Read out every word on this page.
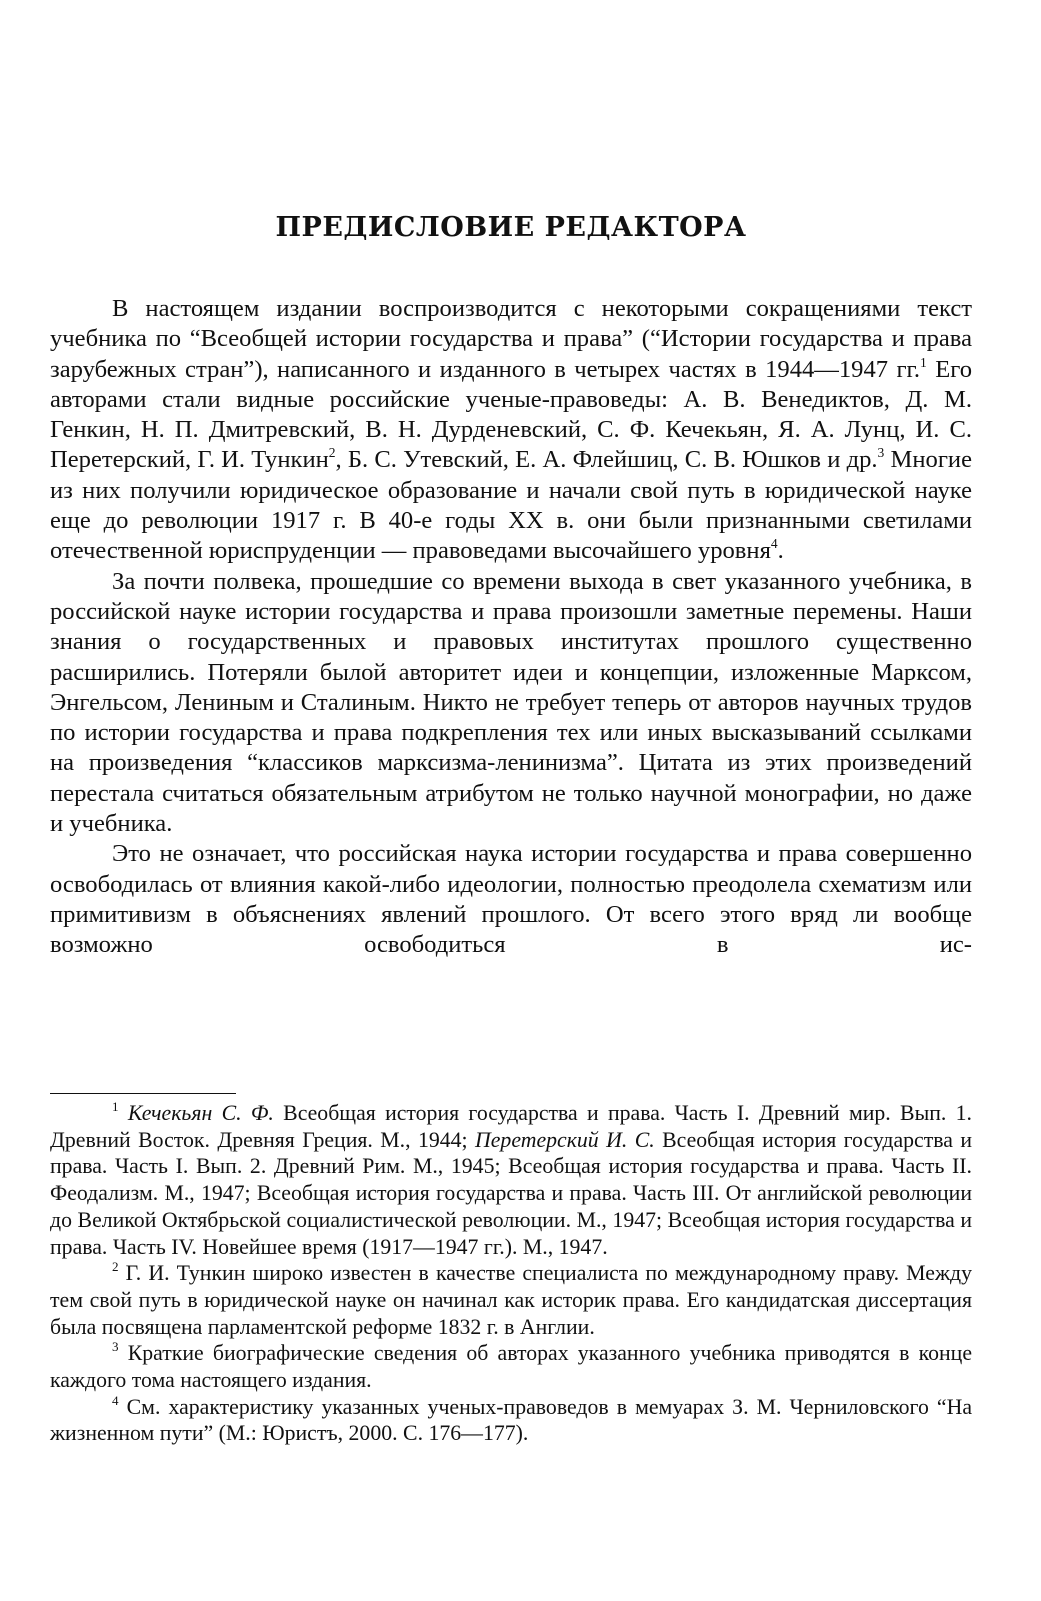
ПРЕДИСЛОВИЕ РЕДАКТОРА

В настоящем издании воспроизводится с некоторыми сокращениями текст учебника по “Всеобщей истории государства и права” (“Истории государства и права зарубежных стран”), написанного и изданного в четырех частях в 1944—1947 гг.$^1$ Его авторами стали видные российские ученые-правоведы: А. В. Венедиктов, Д. М. Генкин, Н. П. Дмитревский, В. Н. Дурденевский, С. Ф. Кечекьян, Я. А. Лунц, И. С. Перетерский, Г. И. Тункин$^2$, Б. С. Утевский, Е. А. Флейшиц, С. В. Юшков и др.$^3$ Многие из них получили юридическое образование и начали свой путь в юридической науке еще до революции 1917 г. В 40-е годы XX в. они были признанными светилами отечественной юриспруденции — правоведами высочайшего уровня$^4$.

За почти полвека, прошедшие со времени выхода в свет указанного учебника, в российской науке истории государства и права произошли заметные перемены. Наши знания о государственных и правовых институтах прошлого существенно расширились. Потеряли былой авторитет идеи и концепции, изложенные Марксом, Энгельсом, Лениным и Сталиным. Никто не требует теперь от авторов научных трудов по истории государства и права подкрепления тех или иных высказываний ссылками на произведения “классиков марксизма-ленинизма”. Цитата из этих произведений перестала считаться обязательным атрибутом не только научной монографии, но даже и учебника.

Это не означает, что российская наука истории государства и права совершенно освободилась от влияния какой-либо идеологии, полностью преодолела схематизм или примитивизм в объяснениях явлений прошлого. От всего этого вряд ли вообще возможно освободиться в ис-

$^1$ Кечекьян С. Ф. Всеобщая история государства и права. Часть I. Древний мир. Вып. 1. Древний Восток. Древняя Греция. М., 1944; Перетерский И. С. Всеобщая история государства и права. Часть I. Вып. 2. Древний Рим. М., 1945; Всеобщая история государства и права. Часть II. Феодализм. М., 1947; Всеобщая история государства и права. Часть III. От английской революции до Великой Октябрьской социалистической революции. М., 1947; Всеобщая история государства и права. Часть IV. Новейшее время (1917—1947 гг.). М., 1947.

$^2$ Г. И. Тункин широко известен в качестве специалиста по международному праву. Между тем свой путь в юридической науке он начинал как историк права. Его кандидатская диссертация была посвящена парламентской реформе 1832 г. в Англии.

$^3$ Краткие биографические сведения об авторах указанного учебника приводятся в конце каждого тома настоящего издания.

$^4$ См. характеристику указанных ученых-правоведов в мемуарах З. М. Черниловского “На жизненном пути” (М.: Юристъ, 2000. С. 176—177).
